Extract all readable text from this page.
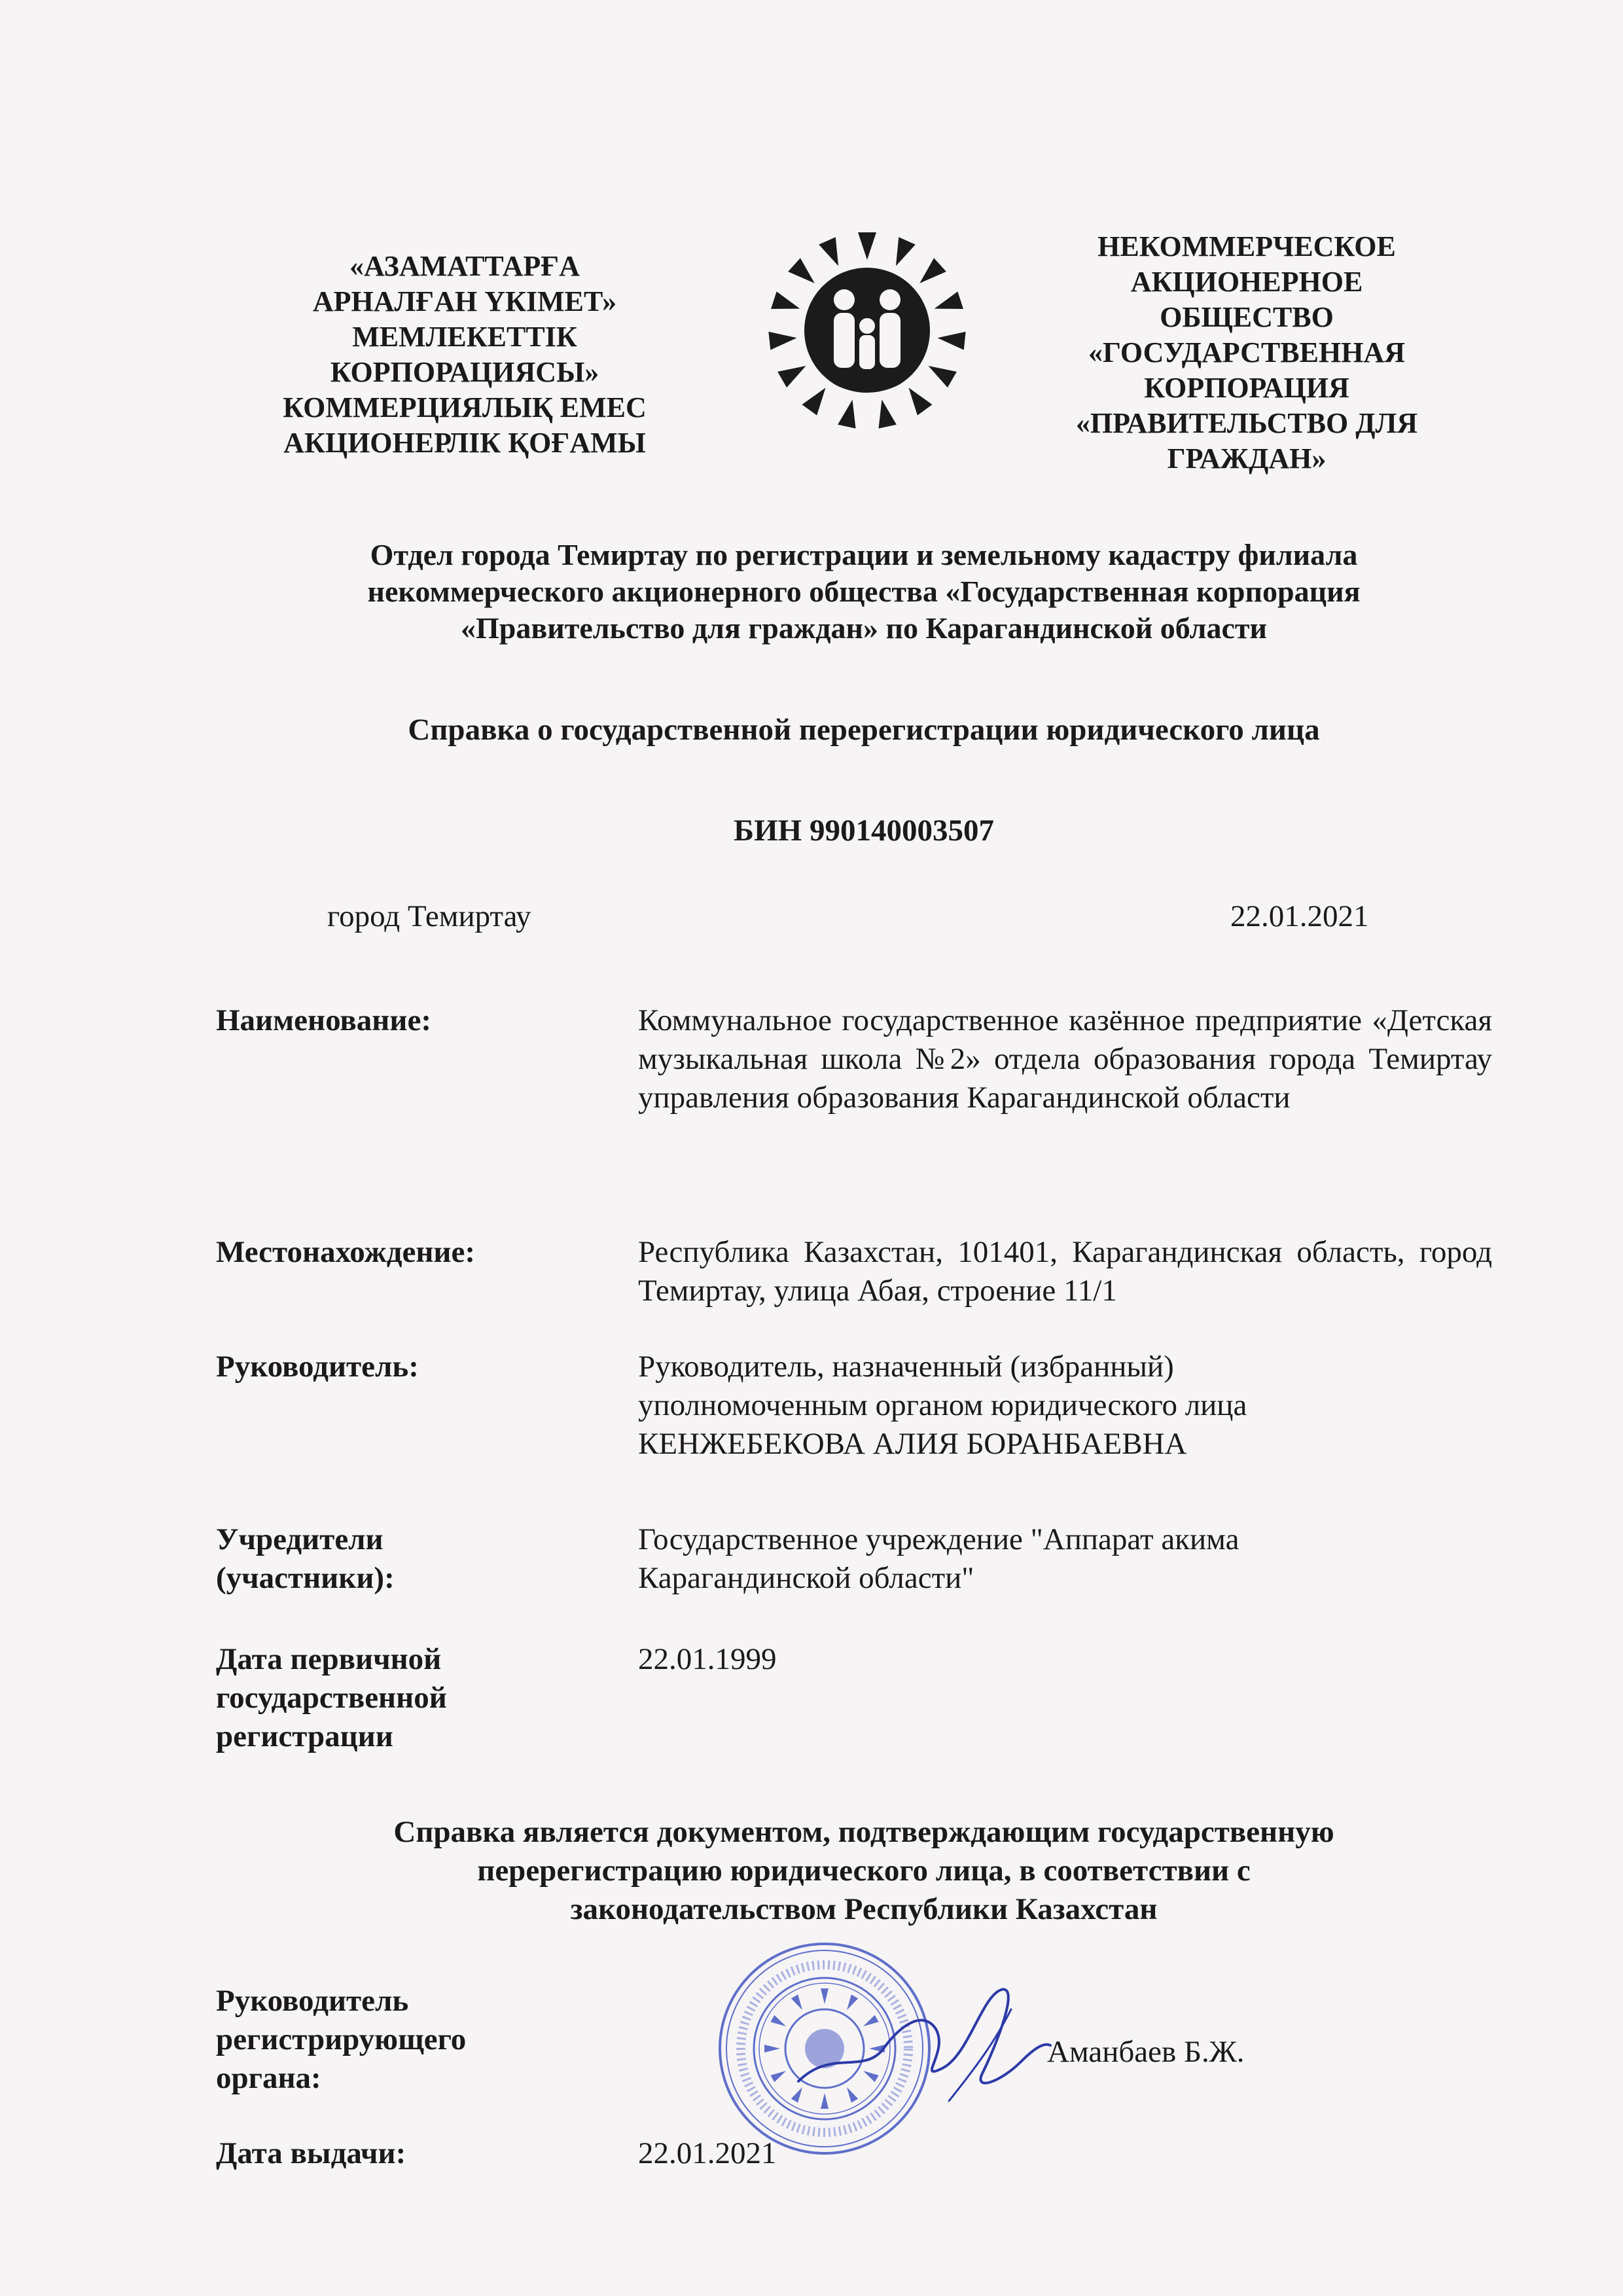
«АЗАМАТТАРҒА
АРНАЛҒАН ҮКІМЕТ»
МЕМЛЕКЕТТІК
КОРПОРАЦИЯСЫ»
КОММЕРЦИЯЛЫҚ ЕМЕС
АКЦИОНЕРЛІК ҚОҒАМЫ
НЕКОММЕРЧЕСКОЕ
АКЦИОНЕРНОЕ
ОБЩЕСТВО
«ГОСУДАРСТВЕННАЯ
КОРПОРАЦИЯ
«ПРАВИТЕЛЬСТВО ДЛЯ
ГРАЖДАН»
Отдел города Темиртау по регистрации и земельному кадастру филиала
некоммерческого акционерного общества «Государственная корпорация
«Правительство для граждан» по Карагандинской области
Справка о государственной перерегистрации юридического лица
БИН 990140003507
город Темиртау	22.01.2021
Наименование:	Коммунальное государственное казённое предприятие «Детская музыкальная школа №2» отдела образования города Темиртау управления образования Карагандинской области
Местонахождение:	Республика Казахстан, 101401, Карагандинская область, город Темиртау, улица Абая, строение 11/1
Руководитель:	Руководитель, назначенный (избранный)
уполномоченным органом юридического лица
КЕНЖЕБЕКОВА АЛИЯ БОРАНБАЕВНА
Учредители
(участники):
Государственное учреждение "Аппарат акима
Карагандинской области"
Дата первичной
государственной
регистрации
22.01.1999
Справка является документом, подтверждающим государственную
перерегистрацию юридического лица, в соответствии с
законодательством Республики Казахстан
Руководитель
регистрирующего
органа:
Аманбаев Б.Ж.
Дата выдачи:	22.01.2021
